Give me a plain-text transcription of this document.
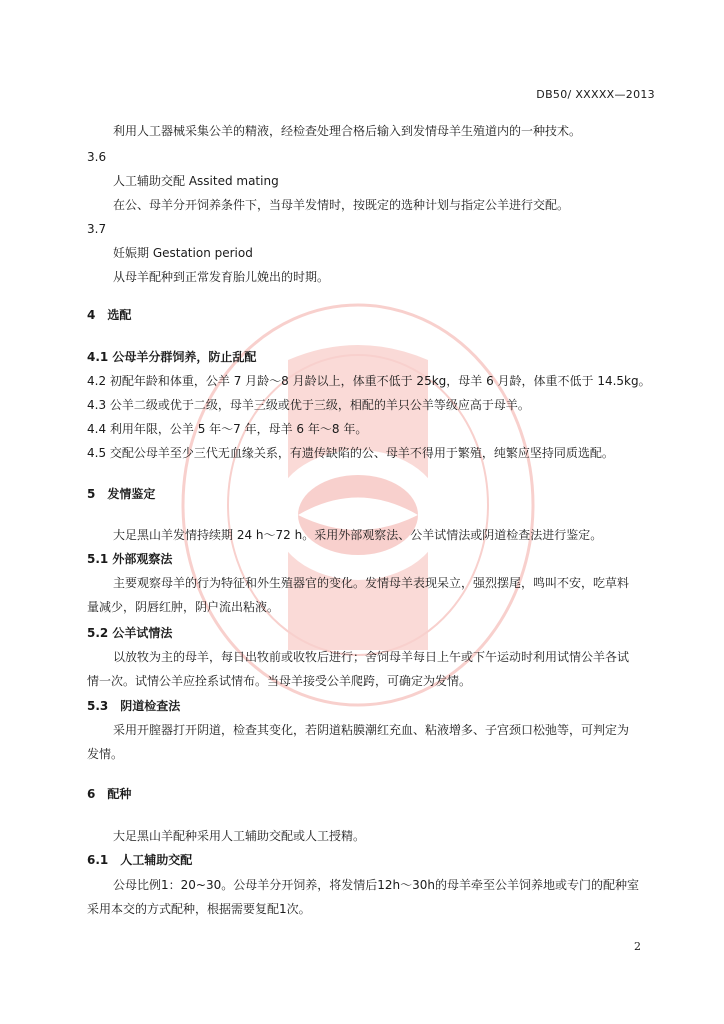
DB50/ XXXXX—2013
利用人工器械采集公羊的精液，经检查处理合格后输入到发情母羊生殖道内的一种技术。
3.6
人工辅助交配 Assited mating
在公、母羊分开饲养条件下，当母羊发情时，按既定的选种计划与指定公羊进行交配。
3.7
妊娠期 Gestation period
从母羊配种到正常发育胎儿娩出的时期。
4　选配
4.1 公母羊分群饲养，防止乱配
4.2 初配年龄和体重，公羊 7 月龄～8 月龄以上，体重不低于 25kg，母羊 6 月龄，体重不低于 14.5kg。
4.3 公羊二级或优于二级，母羊三级或优于三级，相配的羊只公羊等级应高于母羊。
4.4 利用年限，公羊 5 年～7 年，母羊 6 年～8 年。
4.5 交配公母羊至少三代无血缘关系，有遗传缺陷的公、母羊不得用于繁殖，纯繁应坚持同质选配。
5　发情鉴定
大足黑山羊发情持续期 24 h～72 h。采用外部观察法、公羊试情法或阴道检查法进行鉴定。
5.1 外部观察法
主要观察母羊的行为特征和外生殖器官的变化。发情母羊表现呆立，强烈摆尾，鸣叫不安，吃草料
量减少，阴唇红肿，阴户流出粘液。
5.2 公羊试情法
以放牧为主的母羊，每日出牧前或收牧后进行；舍饲母羊每日上午或下午运动时利用试情公羊各试
情一次。试情公羊应拴系试情布。当母羊接受公羊爬跨，可确定为发情。
5.3　阴道检查法
采用开膣器打开阴道，检查其变化，若阴道粘膜潮红充血、粘液增多、子宫颈口松弛等，可判定为
发情。
6　配种
大足黑山羊配种采用人工辅助交配或人工授精。
6.1　人工辅助交配
公母比例1：20~30。公母羊分开饲养，将发情后12h～30h的母羊牵至公羊饲养地或专门的配种室
采用本交的方式配种，根据需要复配1次。
2
